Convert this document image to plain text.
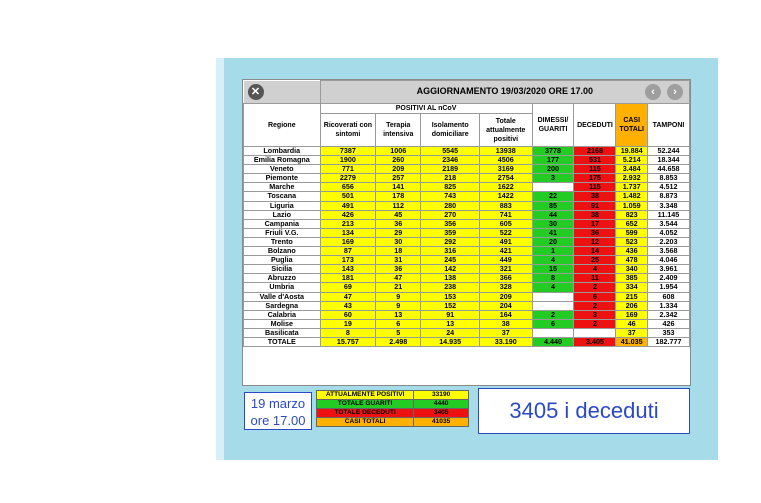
✕	AGGIORNAMENTO 19/03/2020 ORE 17.00 ‹ ›							

Regione	POSITIVI AL nCoV				DIMESSI/ GUARITI	DECEDUTI	CASI TOTALI	TAMPONI
	Ricoverati con sintomi	Terapia intensiva	Isolamento domiciliare	Totale attualmente positivi				
Lombardia	7387	1006	5545	13938	3778	2168	19.884	52.244
Emilia Romagna	1900	260	2346	4506	177	531	5.214	18.344
Veneto	771	209	2189	3169	200	115	3.484	44.658
Piemonte	2279	257	218	2754	3	175	2.932	8.853
Marche	656	141	825	1622		115	1.737	4.512
Toscana	501	178	743	1422	22	38	1.482	8.873
Liguria	491	112	280	883	85	91	1.059	3.348
Lazio	426	45	270	741	44	38	823	11.145
Campania	213	36	356	605	30	17	652	3.544
Friuli V.G.	134	29	359	522	41	36	599	4.052
Trento	169	30	292	491	20	12	523	2.203
Bolzano	87	18	316	421	1	14	436	3.568
Puglia	173	31	245	449	4	25	478	4.046
Sicilia	143	36	142	321	15	4	340	3.961
Abruzzo	181	47	138	366	8	11	385	2.409
Umbria	69	21	238	328	4	2	334	1.954
Valle d'Aosta	47	9	153	209		6	215	608
Sardegna	43	9	152	204		2	206	1.334
Calabria	60	13	91	164	2	3	169	2.342
Molise	19	6	13	38	6	2	46	426
Basilicata	8	5	24	37			37	353
TOTALE	15.757	2.498	14.935	33.190	4.440	3.405	41.035	182.777
19 marzo
ore 17.00
ATTUALMENTE POSITIVI	33190
TOTALE GUARITI	4440
TOTALE DECEDUTI	3405
CASI TOTALI	41035	3405 i deceduti
